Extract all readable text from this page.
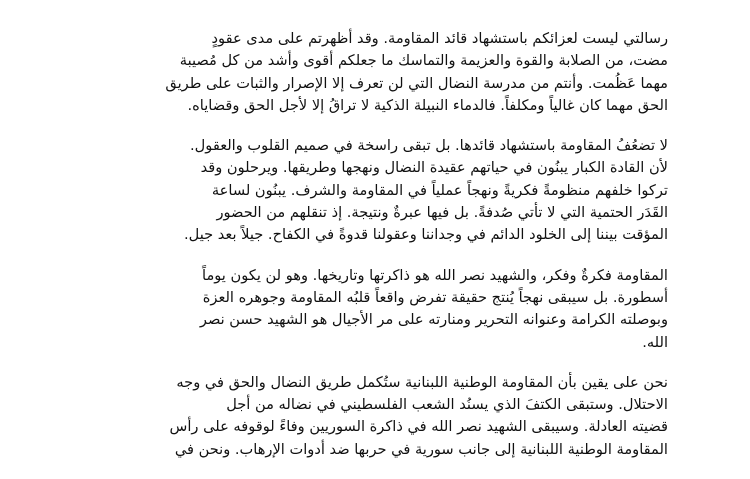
رسالتي ليست لعزائكم باستشهاد قائد المقاومة. وقد أظهرتم على مدى عقودٍ
مضت، من الصلابة والقوة والعزيمة والتماسك ما جعلكم أقوى وأشد من كل مُصيبة
مهما عَظُمت. وأنتم من مدرسة النضال التي لن تعرف إلا الإصرار والثبات على طريق
الحق مهما كان غالياً ومكلفاً. فالدماء النبيلة الذكية لا تراقُ إلا لأجل الحق وقضاياه.

لا تضعُفُ المقاومة باستشهاد قائدها. بل تبقى راسخة في صميم القلوب والعقول.
لأن القادة الكبار يبنُون في حياتهم عقيدة النضال ونهجها وطريقها. ويرحلون وقد
تركوا خلفهم منظومةً فكريةً ونهجاً عملياً في المقاومة والشرف. يبنُون لساعة
القَدَر الحتمية التي لا تأتي صُدفةً. بل فيها عبرةٌ ونتيجة. إذ تنقلهم من الحضور
المؤقت بيننا إلى الخلود الدائم في وجداننا وعقولنا قدوةً في الكفاح. جيلاً بعد جيل.

المقاومة فكرةٌ وفكر، والشهيد نصر الله هو ذاكرتها وتاريخها. وهو لن يكون يوماً
أسطورة. بل سيبقى نهجاً يُنتج حقيقة تفرض واقعاً قلبُه المقاومة وجوهره العزة
وبوصلته الكرامة وعنوانه التحرير ومنارته على مر الأجيال هو الشهيد حسن نصر
الله.

نحن على يقين بأن المقاومة الوطنية اللبنانية ستُكمل طريق النضال والحق في وجه
الاحتلال. وستبقى الكتفَ الذي يسنُد الشعب الفلسطيني في نضاله من أجل
قضيته العادلة. وسيبقى الشهيد نصر الله في ذاكرة السوريين وفاءً لوقوفه على رأس
المقاومة الوطنية اللبنانية إلى جانب سورية في حربها ضد أدوات الإرهاب. ونحن في
